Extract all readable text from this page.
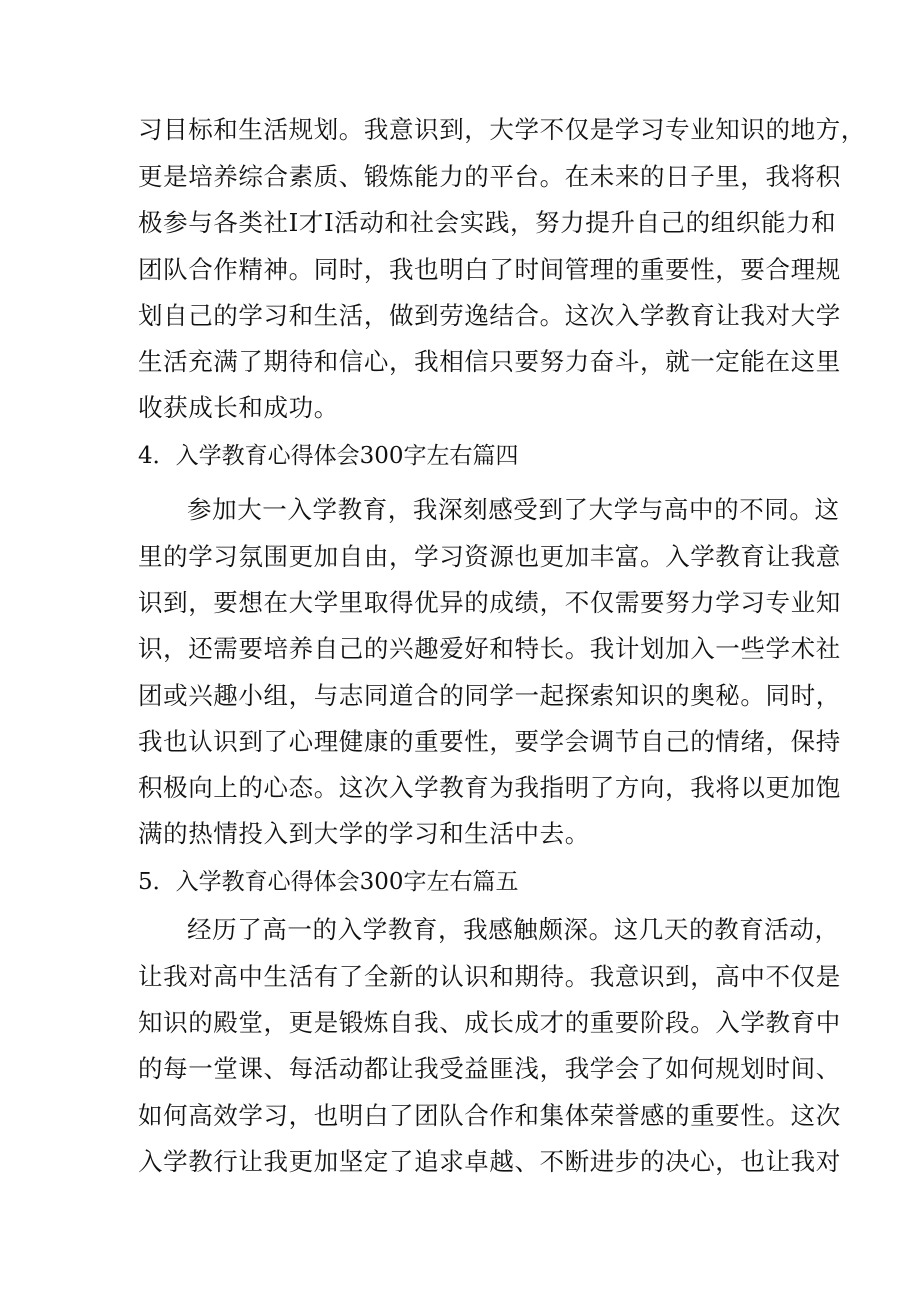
习目标和生活规划。我意识到，大学不仅是学习专业知识的地方，
更是培养综合素质、锻炼能力的平台。在未来的日子里，我将积
极参与各类社I才I活动和社会实践，努力提升自己的组织能力和
团队合作精神。同时，我也明白了时间管理的重要性，要合理规
划自己的学习和生活，做到劳逸结合。这次入学教育让我对大学
生活充满了期待和信心，我相信只要努力奋斗，就一定能在这里
收获成长和成功。
4．入学教育心得体会300字左右篇四
参加大一入学教育，我深刻感受到了大学与高中的不同。这
里的学习氛围更加自由，学习资源也更加丰富。入学教育让我意
识到，要想在大学里取得优异的成绩，不仅需要努力学习专业知
识，还需要培养自己的兴趣爱好和特长。我计划加入一些学术社
团或兴趣小组，与志同道合的同学一起探索知识的奥秘。同时，
我也认识到了心理健康的重要性，要学会调节自己的情绪，保持
积极向上的心态。这次入学教育为我指明了方向，我将以更加饱
满的热情投入到大学的学习和生活中去。
5．入学教育心得体会300字左右篇五
经历了高一的入学教育，我感触颇深。这几天的教育活动，
让我对高中生活有了全新的认识和期待。我意识到，高中不仅是
知识的殿堂，更是锻炼自我、成长成才的重要阶段。入学教育中
的每一堂课、每活动都让我受益匪浅，我学会了如何规划时间、
如何高效学习，也明白了团队合作和集体荣誉感的重要性。这次
入学教行让我更加坚定了追求卓越、不断进步的决心，也让我对
